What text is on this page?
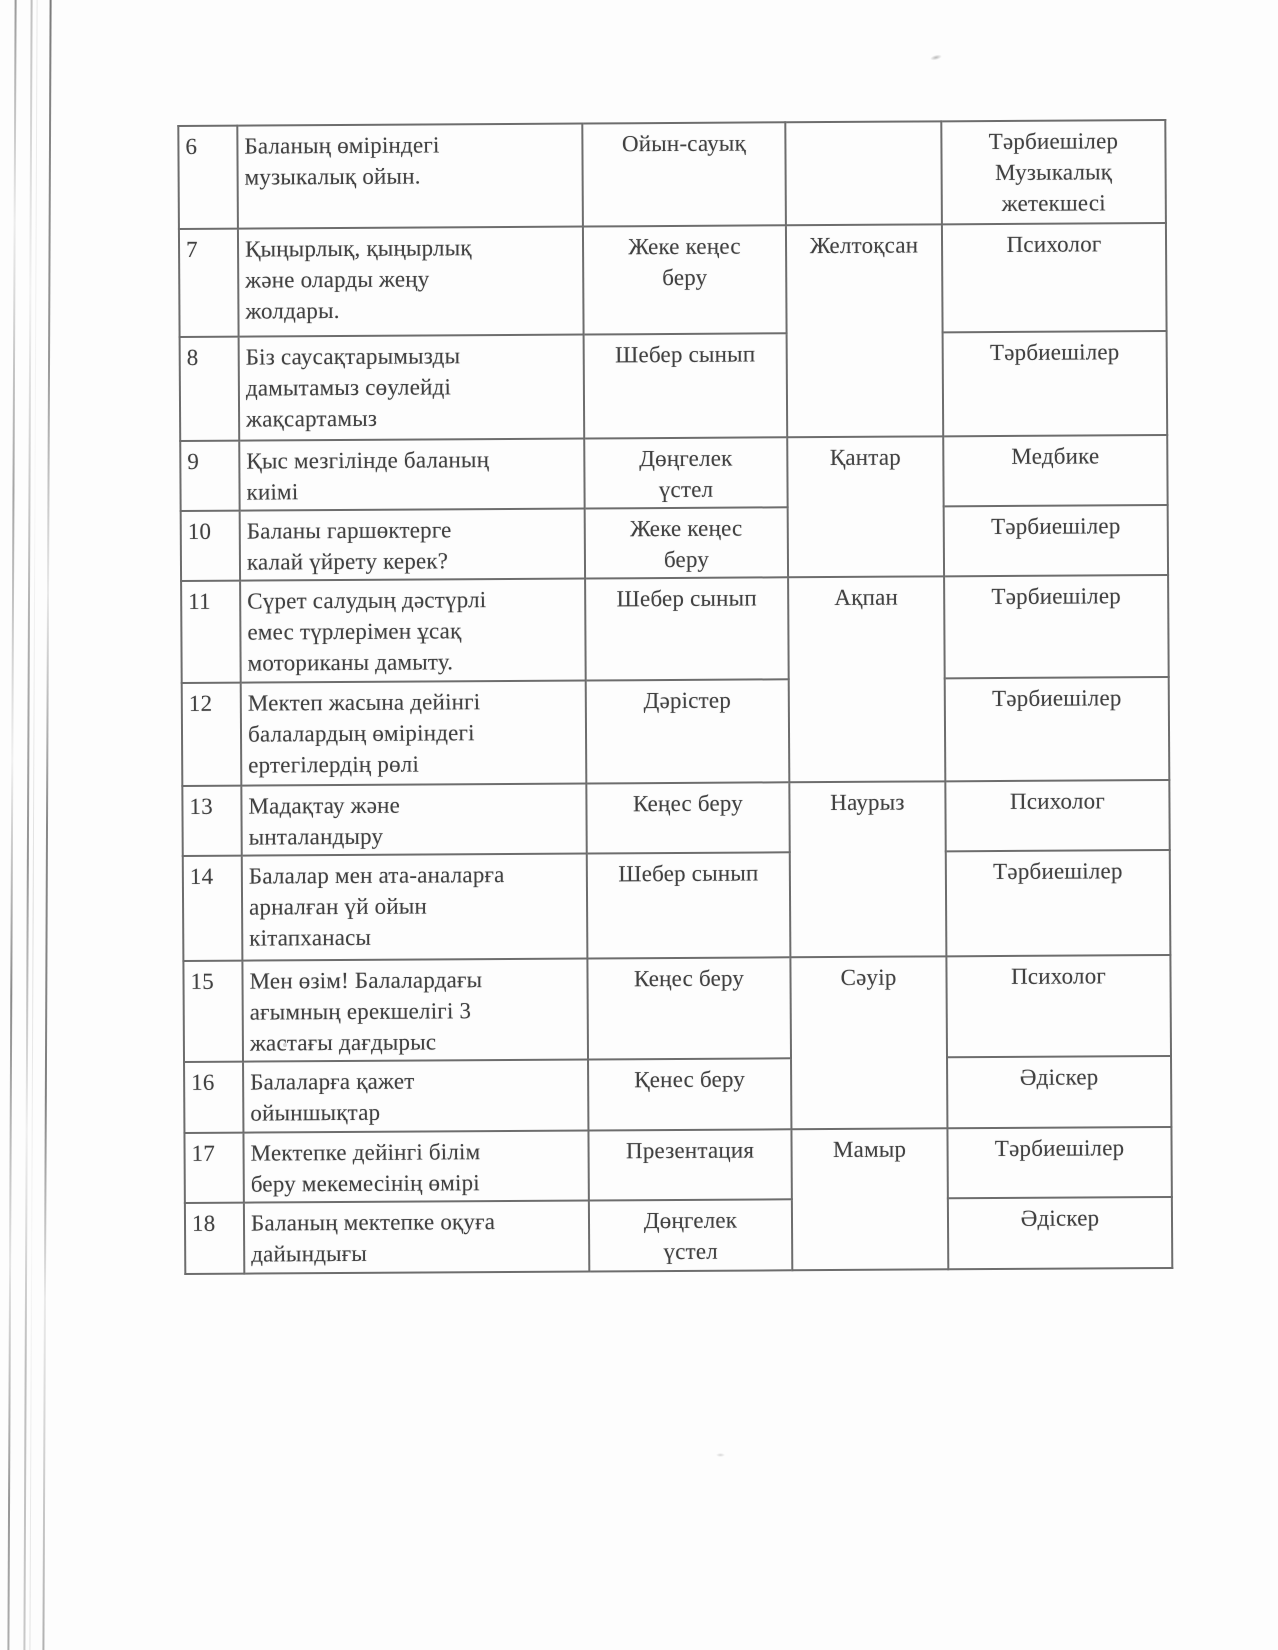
6	Баланың өміріндегі
музыкалық ойын.	Ойын-сауық		Тәрбиешілер
Музыкалық
жетекшесі
7	Қыңырлық, қыңырлық
және оларды жеңу
жолдары.	Жеке кеңес
беру	Желтоқсан	Психолог
8	Біз саусақтарымызды
дамытамыз сөулейді
жақсартамыз	Шебер сынып		Тәрбиешілер
9	Қыс мезгілінде баланың
киімі	Дөңгелек
үстел	Қантар	Медбике
10	Баланы гаршөктерге
калай үйрету керек?	Жеке кеңес
беру		Тәрбиешілер
11	Сүрет салудың дәстүрлі
емес түрлерімен ұсақ
моториканы дамыту.	Шебер сынып	Ақпан	Тәрбиешілер
12	Мектеп жасына дейінгі
балалардың өміріндегі
ертегілердің рөлі	Дәрістер		Тәрбиешілер
13	Мадақтау және
ынталандыру	Кеңес беру	Наурыз	Психолог
14	Балалар мен ата-аналарға
арналған үй ойын
кітапханасы	Шебер сынып		Тәрбиешілер
15	Мен өзім! Балалардағы
ағымның ерекшелігі 3
жастағы дағдырыс	Кеңес беру	Сәуір	Психолог
16	Балаларға қажет
ойыншықтар	Қенес беру		Әдіскер
17	Мектепке дейінгі білім
беру мекемесінің өмірі	Презентация	Мамыр	Тәрбиешілер
18	Баланың мектепке оқуға
дайындығы	Дөңгелек
үстел		Әдіскер
